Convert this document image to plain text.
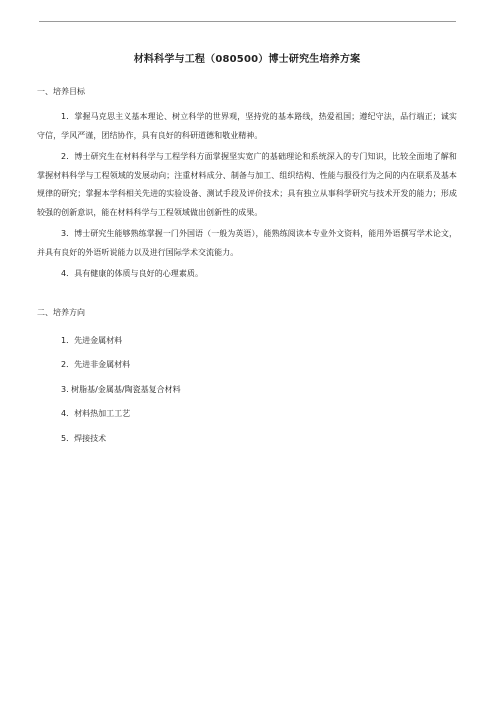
材料科学与工程（080500）博士研究生培养方案
一、培养目标

1．掌握马克思主义基本理论、树立科学的世界观，坚持党的基本路线，热爱祖国；遵纪守法，品行端正；诚实守信，学风严谨，团结协作，具有良好的科研道德和敬业精神。

2．博士研究生在材料科学与工程学科方面掌握坚实宽广的基础理论和系统深入的专门知识，比较全面地了解和掌握材料科学与工程领域的发展动向；注重材料成分、制备与加工、组织结构、性能与服役行为之间的内在联系及基本规律的研究；掌握本学科相关先进的实验设备、测试手段及评价技术；具有独立从事科学研究与技术开发的能力；形成较强的创新意识，能在材料科学与工程领域做出创新性的成果。

3．博士研究生能够熟练掌握一门外国语（一般为英语），能熟练阅读本专业外文资料，能用外语撰写学术论文，并具有良好的外语听说能力以及进行国际学术交流能力。

4．具有健康的体质与良好的心理素质。

二、培养方向
1．先进金属材料
2．先进非金属材料
3. 树脂基/金属基/陶瓷基复合材料
4．材料热加工工艺
5．焊接技术
